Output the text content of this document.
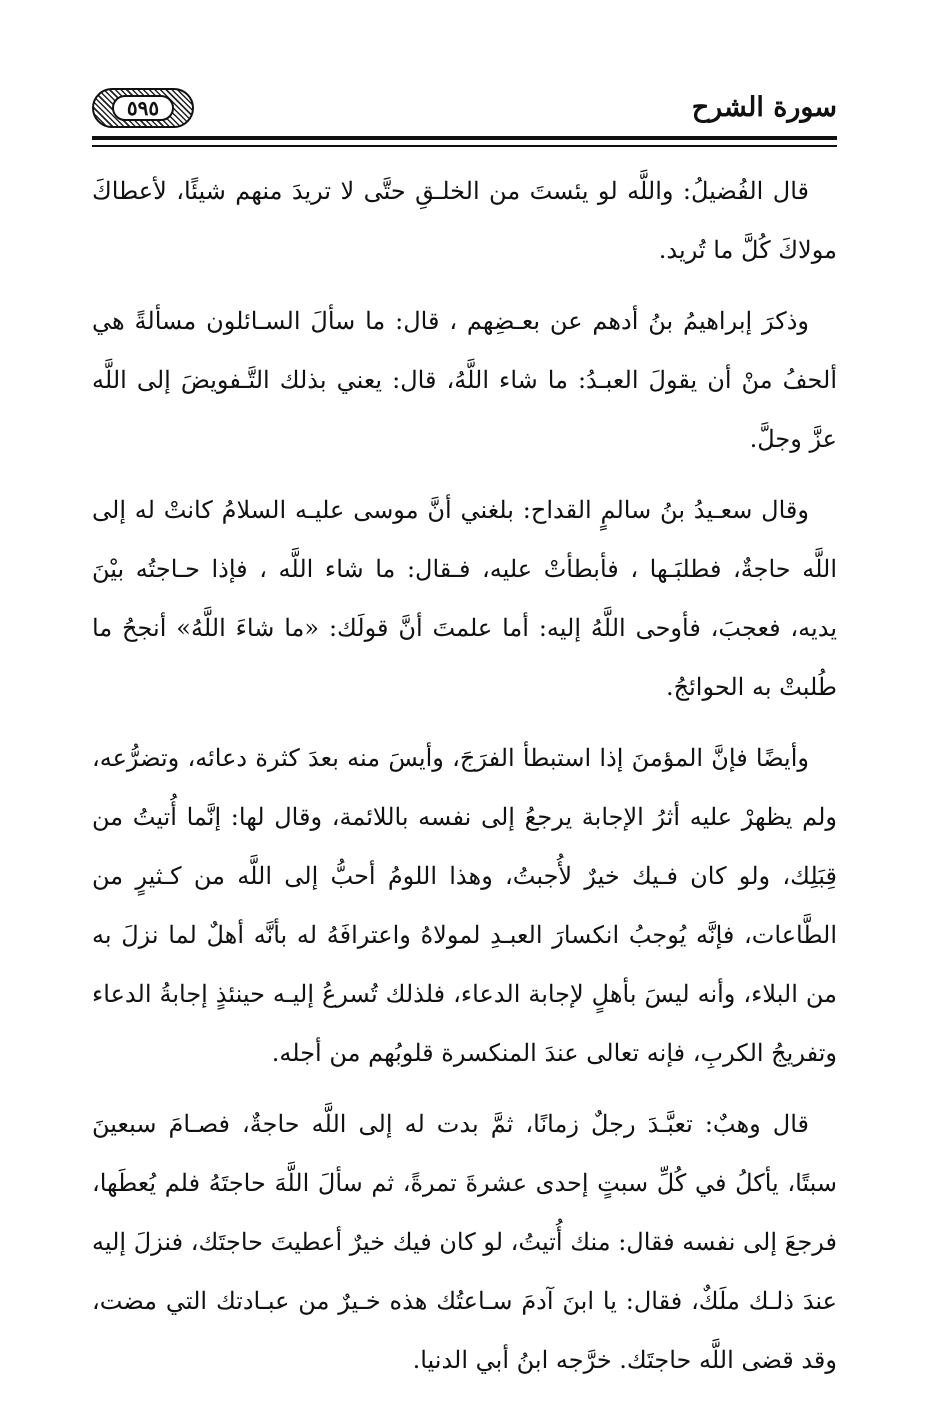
٥٩٥	سورة الشرح

قال الفُضيلُ: واللَّه لو يئستَ من الخلـقِ حتَّى لا تريدَ منهم شيئًا، لأعطاكَ مولاكَ كُلَّ ما تُريد.

وذكرَ إبراهيمُ بنُ أدهم عن بعـضِهم ، قال: ما سألَ السـائلون مسألةً هي ألحفُ منْ أن يقولَ العبـدُ: ما شاء اللَّهُ، قال: يعني بذلك التَّـفويضَ إلى اللَّه عزَّ وجلَّ.

وقال سعـيدُ بنُ سالمٍ القداح: بلغني أنَّ موسى عليـه السلامُ كانتْ له إلى اللَّه حاجةٌ، فطلبَـها ، فأبطأتْ عليه، فـقال: ما شاء اللَّه ، فإذا حـاجتُه بيْنَ يديه، فعجبَ، فأوحى اللَّهُ إليه: أما علمتَ أنَّ قولَك: «ما شاءَ اللَّهُ» أنجحُ ما طُلبتْ به الحوائجُ.

وأيضًا فإنَّ المؤمنَ إذا استبطأ الفرَجَ، وأيسَ منه بعدَ كثرة دعائه، وتضرُّعه، ولم يظهرْ عليه أثرُ الإجابة يرجعُ إلى نفسه باللائمة، وقال لها: إنَّما أُتيتُ من قِبَلِك، ولو كان فـيك خيرٌ لأُجبتُ، وهذا اللومُ أحبُّ إلى اللَّه من كـثيرٍ من الطَّاعات، فإنَّه يُوجبُ انكسارَ العبـدِ لمولاهُ واعترافَهُ له بأنَّه أهلٌ لما نزلَ به من البلاء، وأنه ليسَ بأهلٍ لإجابة الدعاء، فلذلك تُسرعُ إليـه حينئذٍ إجابةُ الدعاء وتفريجُ الكربِ، فإنه تعالى عندَ المنكسرة قلوبُهم من أجله.

قال وهبٌ: تعبَّـدَ رجلٌ زمانًا، ثمَّ بدت له إلى اللَّه حاجةٌ، فصـامَ سبعينَ سبتًا، يأكلُ في كُلِّ سبتٍ إحدى عشرةَ تمرةً، ثم سألَ اللَّهَ حاجتَهُ فلم يُعطَها، فرجعَ إلى نفسه فقال: منك أُتيتُ، لو كان فيك خيرٌ أعطيتَ حاجتَك، فنزلَ إليه عندَ ذلـك ملَكٌ، فقال: يا ابنَ آدمَ سـاعتُك هذه خـيرٌ من عبـادتك التي مضت، وقد قضى اللَّه حاجتَك. خرَّجه ابنُ أبي الدنيا.
